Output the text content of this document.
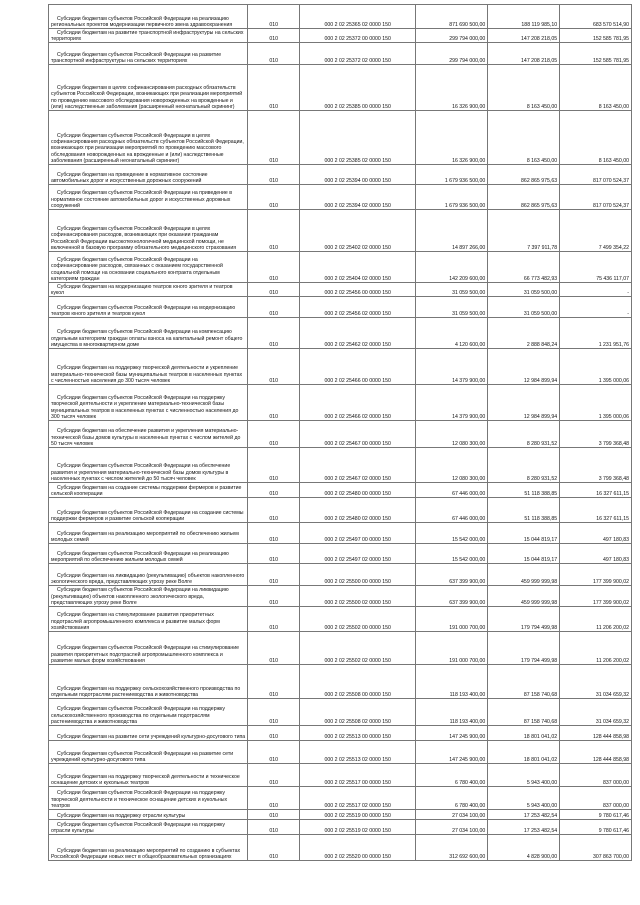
Субсидии бюджетам субъектов Российской Федерации на реализацию региональных проектов модернизации первичного звена здравоохранения	010	000 2 02 25365 02 0000 150	871 690 500,00	188 119 985,10	683 570 514,90
Субсидии бюджетам на развитие транспортной инфраструктуры на сельских территориях	010	000 2 02 25372 00 0000 150	299 794 000,00	147 208 218,05	152 585 781,95
Субсидии бюджетам субъектов Российской Федерации на развитие транспортной инфраструктуры на сельских территориях	010	000 2 02 25372 02 0000 150	299 794 000,00	147 208 218,05	152 585 781,95
Субсидии бюджетам в целях софинансирования расходных обязательств субъектов Российской Федерации, возникающих при реализации мероприятий по проведению массового обследования новорожденных на врожденные и (или) наследственные заболевания (расширенный неонатальный скрининг)	010	000 2 02 25385 00 0000 150	16 326 900,00	8 163 450,00	8 163 450,00
Субсидии бюджетам субъектов Российской Федерации в целях софинансирования расходных обязательств субъектов Российской Федерации, возникающих при реализации мероприятий по проведению массового обследования новорожденных на врожденные и (или) наследственные заболевания (расширенный неонатальный скрининг)	010	000 2 02 25385 02 0000 150	16 326 900,00	8 163 450,00	8 163 450,00
Субсидии бюджетам на приведение в нормативное состояние автомобильных дорог и искусственных дорожных сооружений	010	000 2 02 25394 00 0000 150	1 679 936 500,00	862 865 975,63	817 070 524,37
Субсидии бюджетам субъектов Российской Федерации на приведение в нормативное состояние автомобильных дорог и искусственных дорожных сооружений	010	000 2 02 25394 02 0000 150	1 679 936 500,00	862 865 975,63	817 070 524,37
Субсидии бюджетам субъектов Российской Федерации в целях софинансирования расходов, возникающих при оказании гражданам Российской Федерации высокотехнологичной медицинской помощи, не включенной в базовую программу обязательного медицинского страхования	010	000 2 02 25402 02 0000 150	14 897 266,00	7 397 911,78	7 499 354,22
Субсидии бюджетам субъектов Российской Федерации на софинансирование расходов, связанных с оказанием государственной социальной помощи на основании социального контракта отдельным категориям граждан	010	000 2 02 25404 02 0000 150	142 209 600,00	66 773 482,93	75 436 117,07
Субсидии бюджетам на модернизацию театров юного зрителя и театров кукол	010	000 2 02 25456 00 0000 150	31 059 500,00	31 059 500,00	-
Субсидии бюджетам субъектов Российской Федерации на модернизацию театров юного зрителя и театров кукол	010	000 2 02 25456 02 0000 150	31 059 500,00	31 059 500,00	-
Субсидии бюджетам субъектов Российской Федерации на компенсацию отдельным категориям граждан оплаты взноса на капитальный ремонт общего имущества в многоквартирном доме	010	000 2 02 25462 02 0000 150	4 120 600,00	2 888 848,24	1 231 951,76
Субсидии бюджетам на поддержку творческой деятельности и укрепление материально-технической базы муниципальных театров в населенных пунктах с численностью населения до 300 тысяч человек	010	000 2 02 25466 00 0000 150	14 379 900,00	12 984 899,94	1 395 000,06
Субсидии бюджетам субъектов Российской Федерации на поддержку творческой деятельности и укрепление материально-технической базы муниципальных театров в населенных пунктах с численностью населения до 300 тысяч человек	010	000 2 02 25466 02 0000 150	14 379 900,00	12 984 899,94	1 395 000,06
Субсидии бюджетам на обеспечение развития и укрепления материально-технической базы домов культуры в населенных пунктах с числом жителей до 50 тысяч человек	010	000 2 02 25467 00 0000 150	12 080 300,00	8 280 931,52	3 799 368,48
Субсидии бюджетам субъектов Российской Федерации на обеспечение развития и укрепления материально-технической базы домов культуры в населенных пунктах с числом жителей до 50 тысяч человек	010	000 2 02 25467 02 0000 150	12 080 300,00	8 280 931,52	3 799 368,48
Субсидии бюджетам на создание системы поддержки фермеров и развитие сельской кооперации	010	000 2 02 25480 00 0000 150	67 446 000,00	51 118 388,85	16 327 611,15
Субсидии бюджетам субъектов Российской Федерации на создание системы поддержки фермеров и развитие сельской кооперации	010	000 2 02 25480 02 0000 150	67 446 000,00	51 118 388,85	16 327 611,15
Субсидии бюджетам на реализацию мероприятий по обеспечению жильем молодых семей	010	000 2 02 25497 00 0000 150	15 542 000,00	15 044 819,17	497 180,83
Субсидии бюджетам субъектов Российской Федерации на реализацию мероприятий по обеспечению жильем молодых семей	010	000 2 02 25497 02 0000 150	15 542 000,00	15 044 819,17	497 180,83
Субсидии бюджетам на ликвидацию (рекультивацию) объектов накопленного экологического вреда, представляющих угрозу реке Волге	010	000 2 02 25500 00 0000 150	637 399 900,00	459 999 999,98	177 399 900,02
Субсидии бюджетам субъектов Российской Федерации на ликвидацию (рекультивацию) объектов накопленного экологического вреда, представляющих угрозу реке Волге	010	000 2 02 25500 02 0000 150	637 399 900,00	459 999 999,98	177 399 900,02
Субсидии бюджетам на стимулирование развития приоритетных подотраслей агропромышленного комплекса и развитие малых форм хозяйствования	010	000 2 02 25502 00 0000 150	191 000 700,00	179 794 499,98	11 206 200,02
Субсидии бюджетам субъектов Российской Федерации на стимулирование развития приоритетных подотраслей агропромышленного комплекса и развитие малых форм хозяйствования	010	000 2 02 25502 02 0000 150	191 000 700,00	179 794 499,98	11 206 200,02
Субсидии бюджетам на поддержку сельскохозяйственного производства по отдельным подотраслям растениеводства и животноводства	010	000 2 02 25508 00 0000 150	118 193 400,00	87 158 740,68	31 034 659,32
Субсидии бюджетам субъектов Российской Федерации на поддержку сельскохозяйственного производства по отдельным подотраслям растениеводства и животноводства	010	000 2 02 25508 02 0000 150	118 193 400,00	87 158 740,68	31 034 659,32
Субсидии бюджетам на развитие сети учреждений культурно-досугового типа	010	000 2 02 25513 00 0000 150	147 245 900,00	18 801 041,02	128 444 858,98
Субсидии бюджетам субъектов Российской Федерации на развитие сети учреждений культурно-досугового типа	010	000 2 02 25513 02 0000 150	147 245 900,00	18 801 041,02	128 444 858,98
Субсидии бюджетам на поддержку творческой деятельности и техническое оснащение детских и кукольных театров	010	000 2 02 25517 00 0000 150	6 780 400,00	5 943 400,00	837 000,00
Субсидии бюджетам субъектов Российской Федерации на поддержку творческой деятельности и техническое оснащение детских и кукольных театров	010	000 2 02 25517 02 0000 150	6 780 400,00	5 943 400,00	837 000,00
Субсидии бюджетам на поддержку отрасли культуры	010	000 2 02 25519 00 0000 150	27 034 100,00	17 253 482,54	9 780 617,46
Субсидии бюджетам субъектов Российской Федерации на поддержку отрасли культуры	010	000 2 02 25519 02 0000 150	27 034 100,00	17 253 482,54	9 780 617,46
Субсидии бюджетам на реализацию мероприятий по созданию в субъектах Российской Федерации новых мест в общеобразовательных организациях	010	000 2 02 25520 00 0000 150	312 692 600,00	4 828 900,00	307 863 700,00
